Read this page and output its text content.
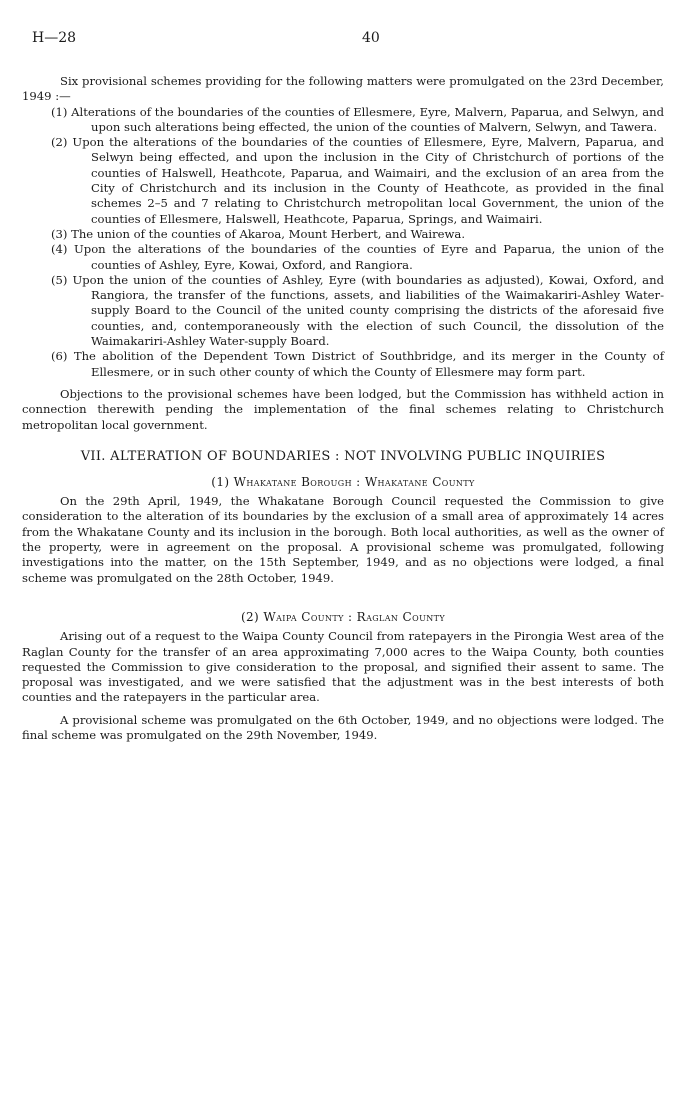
H—28	40

Six provisional schemes providing for the following matters were promulgated on the 23rd December, 1949 :—

(1) Alterations of the boundaries of the counties of Ellesmere, Eyre, Malvern, Paparua, and Selwyn, and upon such alterations being effected, the union of the counties of Malvern, Selwyn, and Tawera.
(2) Upon the alterations of the boundaries of the counties of Ellesmere, Eyre, Malvern, Paparua, and Selwyn being effected, and upon the inclusion in the City of Christchurch of portions of the counties of Halswell, Heathcote, Paparua, and Waimairi, and the exclusion of an area from the City of Christchurch and its inclusion in the County of Heathcote, as provided in the final schemes 2–5 and 7 relating to Christchurch metropolitan local Government, the union of the counties of Ellesmere, Halswell, Heathcote, Paparua, Springs, and Waimairi.
(3) The union of the counties of Akaroa, Mount Herbert, and Wairewa.
(4) Upon the alterations of the boundaries of the counties of Eyre and Paparua, the union of the counties of Ashley, Eyre, Kowai, Oxford, and Rangiora.
(5) Upon the union of the counties of Ashley, Eyre (with boundaries as adjusted), Kowai, Oxford, and Rangiora, the transfer of the functions, assets, and liabilities of the Waimakariri-Ashley Water-supply Board to the Council of the united county comprising the districts of the aforesaid five counties, and, contemporaneously with the election of such Council, the dissolution of the Waimakariri-Ashley Water-supply Board.
(6) The abolition of the Dependent Town District of Southbridge, and its merger in the County of Ellesmere, or in such other county of which the County of Ellesmere may form part.

Objections to the provisional schemes have been lodged, but the Commission has withheld action in connection therewith pending the implementation of the final schemes relating to Christchurch metropolitan local government.

VII. ALTERATION OF BOUNDARIES : NOT INVOLVING PUBLIC INQUIRIES
(1) Whakatane Borough : Whakatane County

On the 29th April, 1949, the Whakatane Borough Council requested the Commission to give consideration to the alteration of its boundaries by the exclusion of a small area of approximately 14 acres from the Whakatane County and its inclusion in the borough. Both local authorities, as well as the owner of the property, were in agreement on the proposal. A provisional scheme was promulgated, following investigations into the matter, on the 15th September, 1949, and as no objections were lodged, a final scheme was promulgated on the 28th October, 1949.

(2) Waipa County : Raglan County

Arising out of a request to the Waipa County Council from ratepayers in the Pirongia West area of the Raglan County for the transfer of an area approximating 7,000 acres to the Waipa County, both counties requested the Commission to give consideration to the proposal, and signified their assent to same. The proposal was investigated, and we were satisfied that the adjustment was in the best interests of both counties and the ratepayers in the particular area.

A provisional scheme was promulgated on the 6th October, 1949, and no objections were lodged. The final scheme was promulgated on the 29th November, 1949.
